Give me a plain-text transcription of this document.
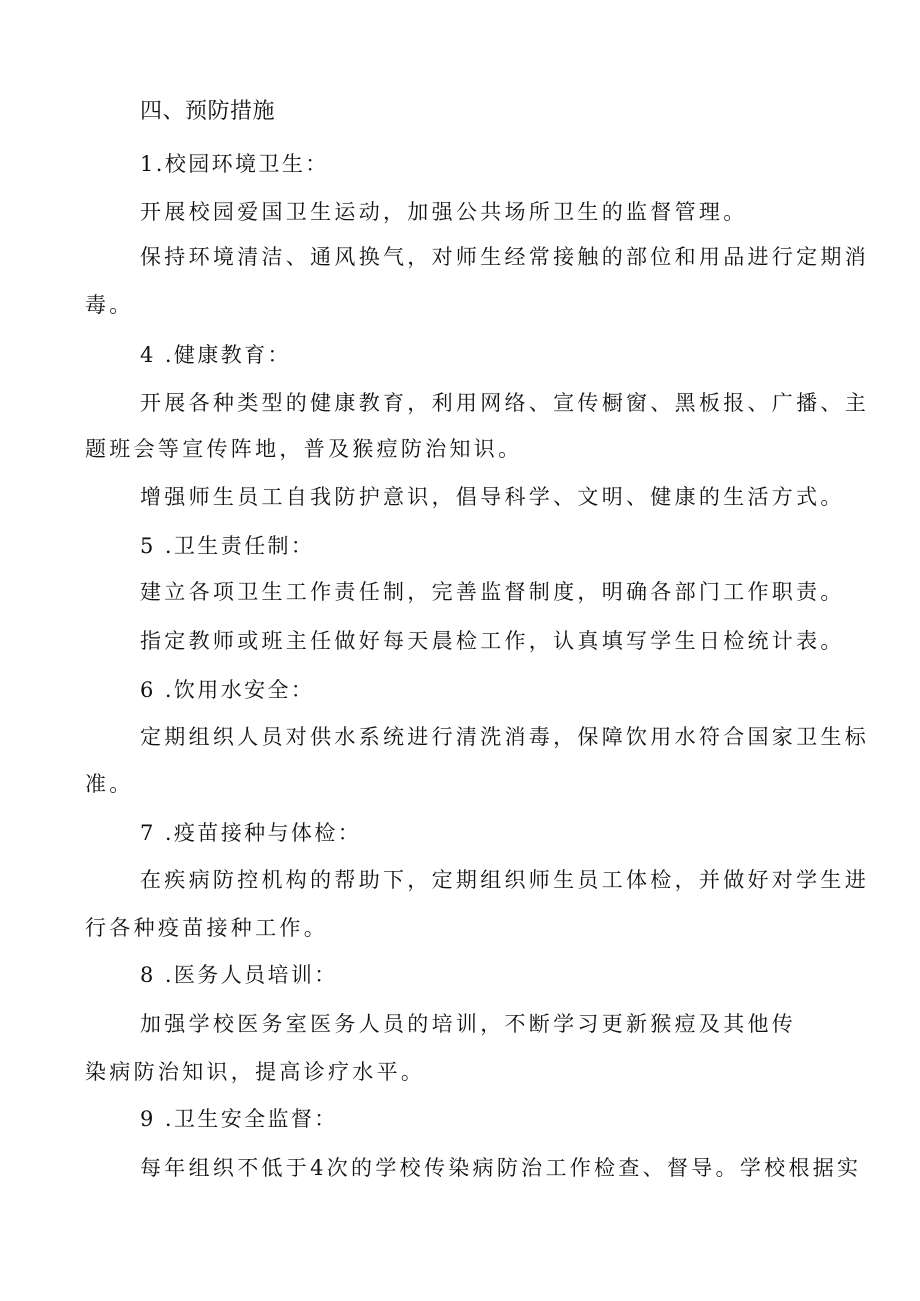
四、预防措施
1.校园环境卫生：
开展校园爱国卫生运动，加强公共场所卫生的监督管理。
保持环境清洁、通风换气，对师生经常接触的部位和用品进行定期消
毒。
4 .健康教育：
开展各种类型的健康教育，利用网络、宣传橱窗、黑板报、广播、主
题班会等宣传阵地，普及猴痘防治知识。
增强师生员工自我防护意识，倡导科学、文明、健康的生活方式。
5 .卫生责任制：
建立各项卫生工作责任制，完善监督制度，明确各部门工作职责。
指定教师或班主任做好每天晨检工作，认真填写学生日检统计表。
6 .饮用水安全：
定期组织人员对供水系统进行清洗消毒，保障饮用水符合国家卫生标
准。
7 .疫苗接种与体检：
在疾病防控机构的帮助下，定期组织师生员工体检，并做好对学生进
行各种疫苗接种工作。
8 .医务人员培训：
加强学校医务室医务人员的培训，不断学习更新猴痘及其他传
染病防治知识，提高诊疗水平。
9 .卫生安全监督：
每年组织不低于4次的学校传染病防治工作检查、督导。学校根据实
